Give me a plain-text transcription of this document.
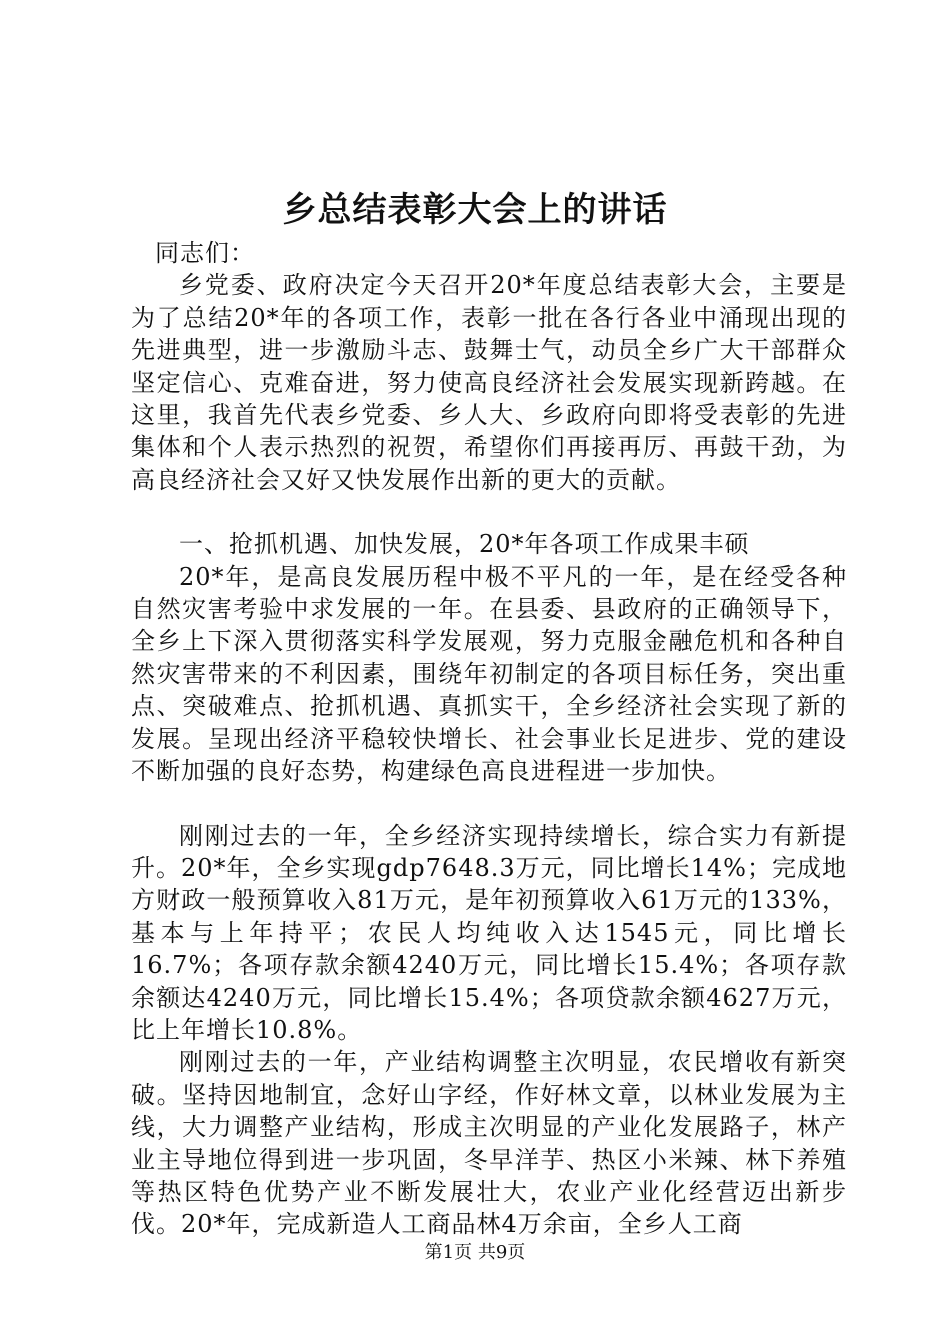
乡总结表彰大会上的讲话

同志们：

乡党委、政府决定今天召开20*年度总结表彰大会，主要是为了总结20*年的各项工作，表彰一批在各行各业中涌现出现的先进典型，进一步激励斗志、鼓舞士气，动员全乡广大干部群众坚定信心、克难奋进，努力使高良经济社会发展实现新跨越。在这里，我首先代表乡党委、乡人大、乡政府向即将受表彰的先进集体和个人表示热烈的祝贺，希望你们再接再厉、再鼓干劲，为高良经济社会又好又快发展作出新的更大的贡献。

一、抢抓机遇、加快发展，20*年各项工作成果丰硕

20*年，是高良发展历程中极不平凡的一年，是在经受各种自然灾害考验中求发展的一年。在县委、县政府的正确领导下，全乡上下深入贯彻落实科学发展观，努力克服金融危机和各种自然灾害带来的不利因素，围绕年初制定的各项目标任务，突出重点、突破难点、抢抓机遇、真抓实干，全乡经济社会实现了新的发展。呈现出经济平稳较快增长、社会事业长足进步、党的建设不断加强的良好态势，构建绿色高良进程进一步加快。

刚刚过去的一年，全乡经济实现持续增长，综合实力有新提升。20*年，全乡实现gdp7648.3万元，同比增长14%；完成地方财政一般预算收入81万元，是年初预算收入61万元的133%，基本与上年持平；农民人均纯收入达1545元，同比增长16.7%；各项存款余额4240万元，同比增长15.4%；各项存款余额达4240万元，同比增长15.4%；各项贷款余额4627万元，比上年增长10.8%。

刚刚过去的一年，产业结构调整主次明显，农民增收有新突破。坚持因地制宜，念好山字经，作好林文章，以林业发展为主线，大力调整产业结构，形成主次明显的产业化发展路子，林产业主导地位得到进一步巩固，冬早洋芋、热区小米辣、林下养殖等热区特色优势产业不断发展壮大，农业产业化经营迈出新步伐。20*年，完成新造人工商品林4万余亩，全乡人工商

第1页 共9页
